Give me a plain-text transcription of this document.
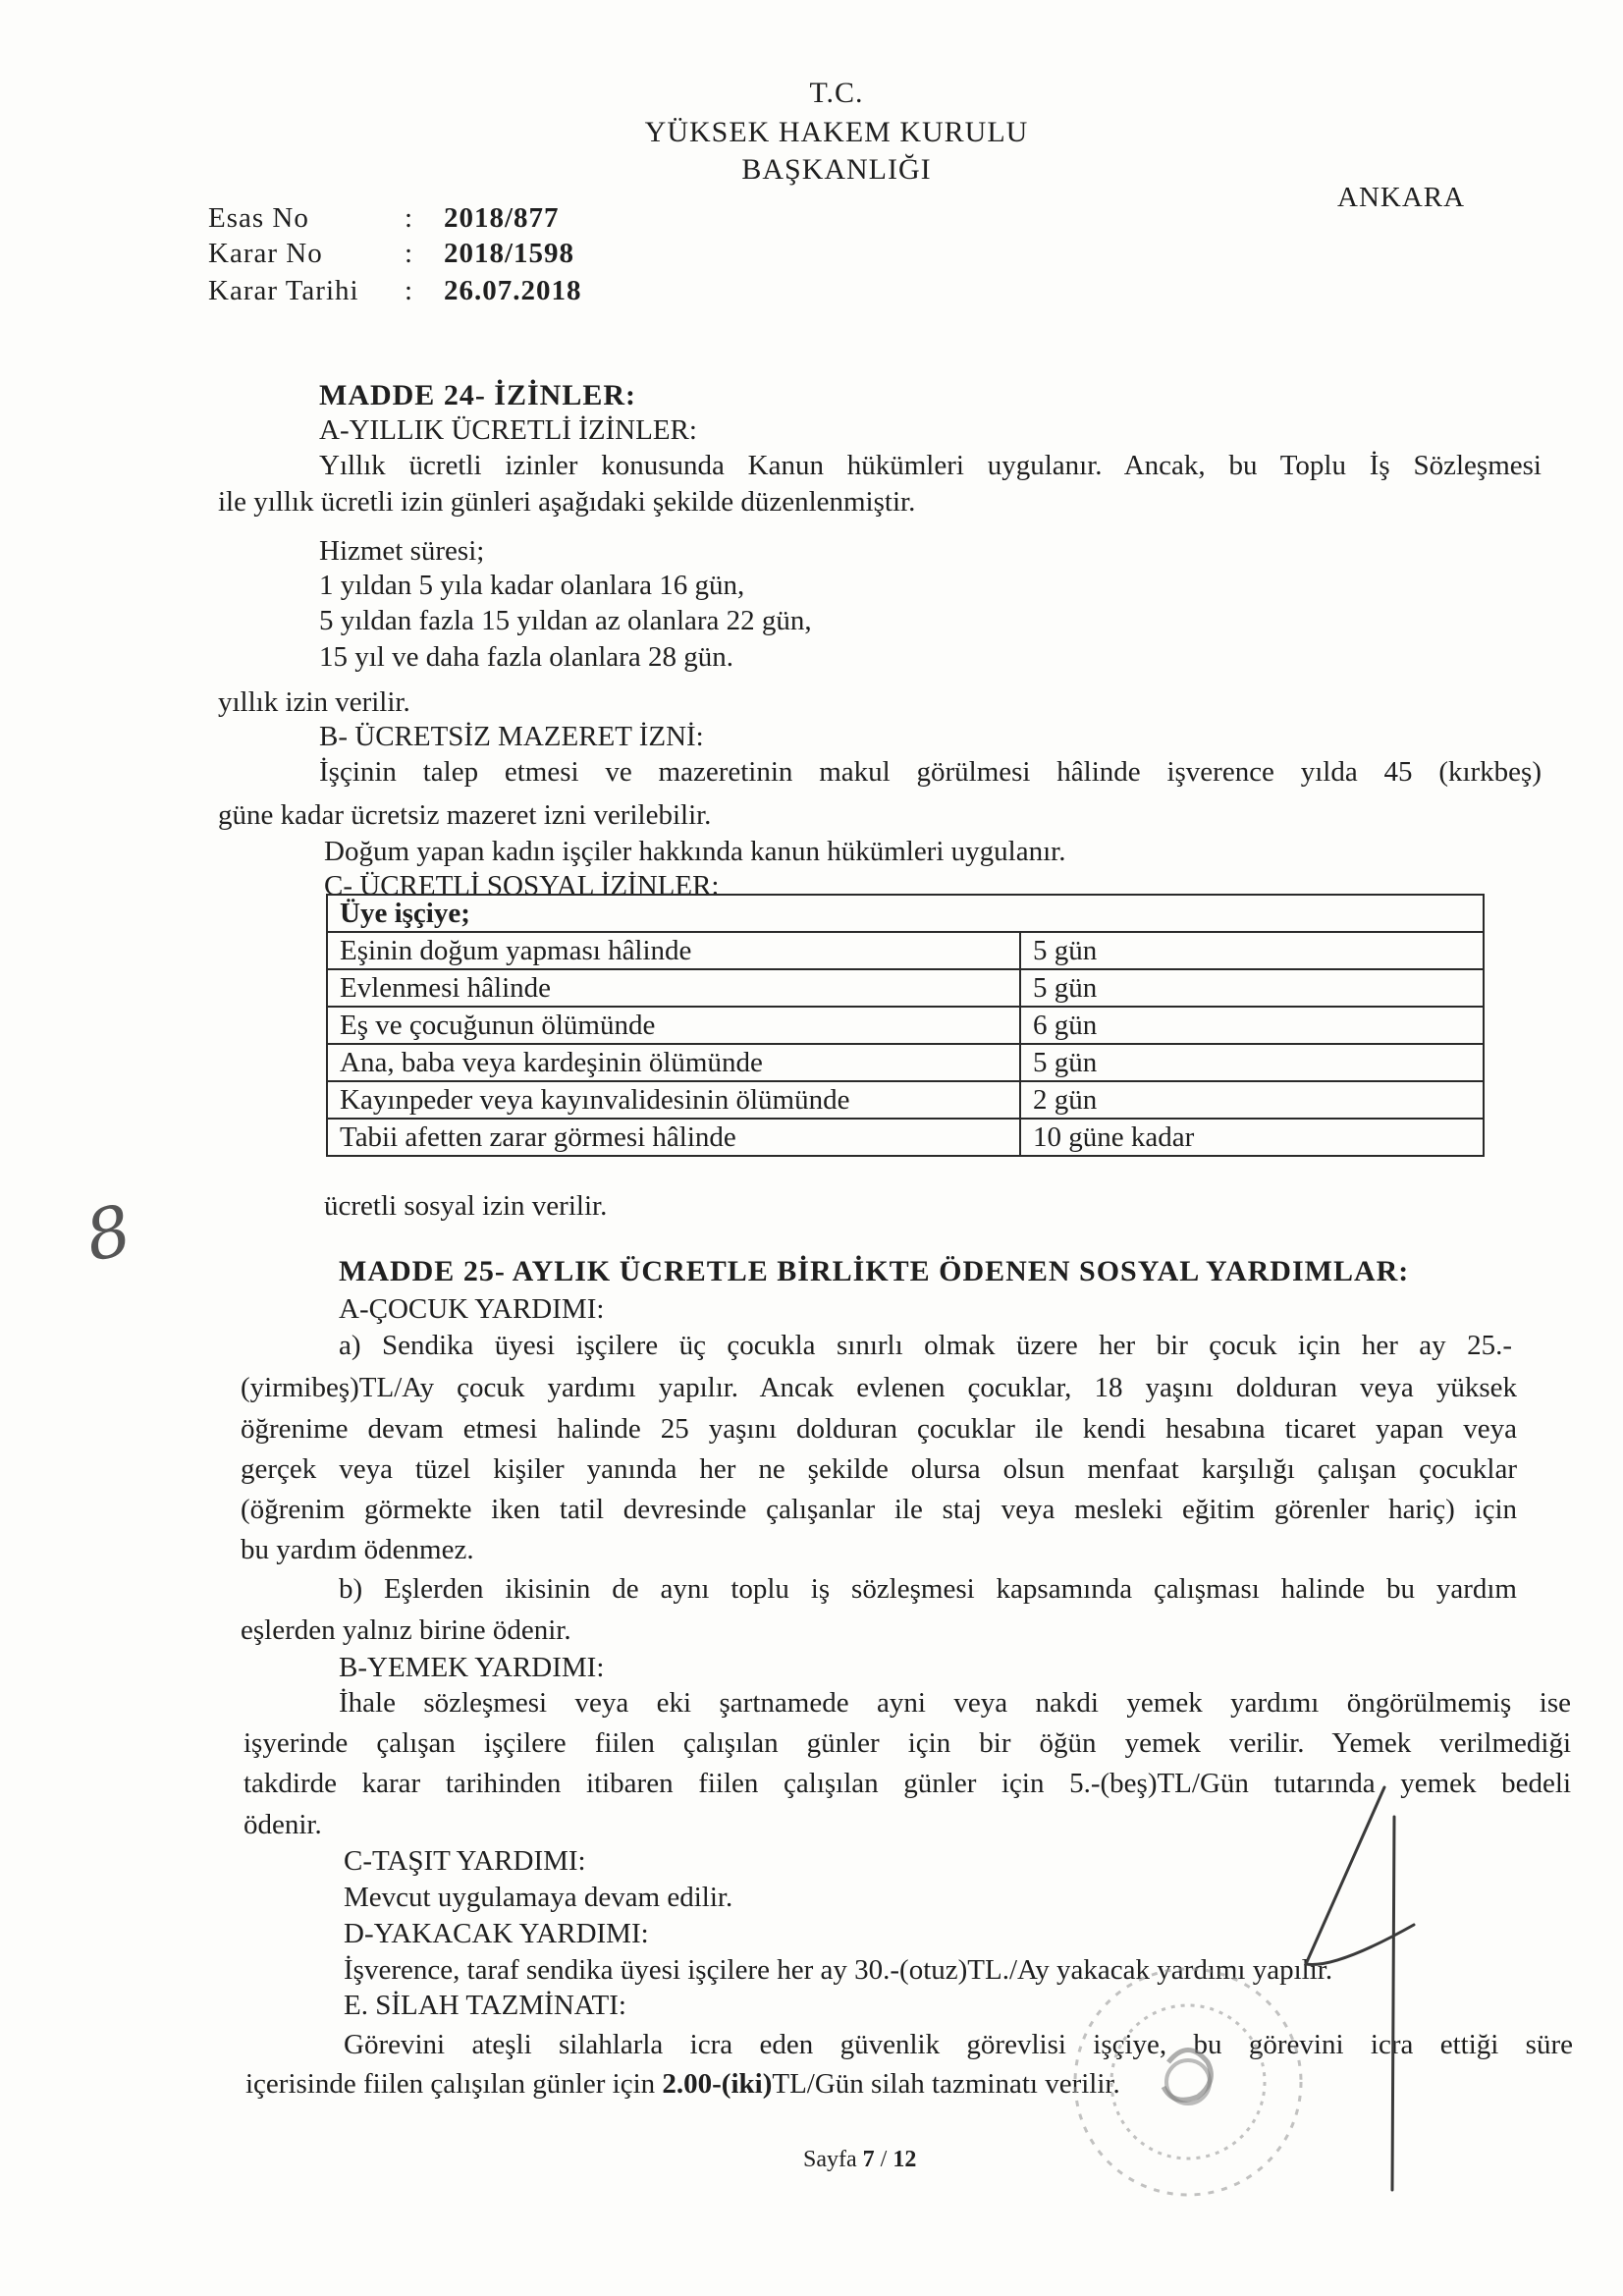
T.C.
YÜKSEK HAKEM KURULU
BAŞKANLIĞI
ANKARA
Esas No	: 2018/877
Karar No	: 2018/1598
Karar Tarihi : 26.07.2018
MADDE 24- İZİNLER:
A-YILLIK ÜCRETLİ İZİNLER:
Yıllık ücretli izinler konusunda Kanun hükümleri uygulanır. Ancak, bu Toplu İş Sözleşmesi
ile yıllık ücretli izin günleri aşağıdaki şekilde düzenlenmiştir.
Hizmet süresi;
1 yıldan 5 yıla kadar olanlara 16 gün,
5 yıldan fazla 15 yıldan az olanlara 22 gün,
15 yıl ve daha fazla olanlara 28 gün.
yıllık izin verilir.
B- ÜCRETSİZ MAZERET İZNİ:
İşçinin talep etmesi ve mazeretinin makul görülmesi hâlinde işverence yılda 45 (kırkbeş)
güne kadar ücretsiz mazeret izni verilebilir.
Doğum yapan kadın işçiler hakkında kanun hükümleri uygulanır.
C- ÜCRETLİ SOSYAL İZİNLER:
Üye işçiye;	
Eşinin doğum yapması hâlinde	5 gün
Evlenmesi hâlinde	5 gün
Eş ve çocuğunun ölümünde	6 gün
Ana, baba veya kardeşinin ölümünde	5 gün
Kayınpeder veya kayınvalidesinin ölümünde	2 gün
Tabii afetten zarar görmesi hâlinde	10 güne kadar
ücretli sosyal izin verilir.
8	MADDE 25- AYLIK ÜCRETLE BİRLİKTE ÖDENEN SOSYAL YARDIMLAR:
A-ÇOCUK YARDIMI:
a) Sendika üyesi işçilere üç çocukla sınırlı olmak üzere her bir çocuk için her ay 25.-
(yirmibeş)TL/Ay çocuk yardımı yapılır. Ancak evlenen çocuklar, 18 yaşını dolduran veya yüksek
öğrenime devam etmesi halinde 25 yaşını dolduran çocuklar ile kendi hesabına ticaret yapan veya
gerçek veya tüzel kişiler yanında her ne şekilde olursa olsun menfaat karşılığı çalışan çocuklar
(öğrenim görmekte iken tatil devresinde çalışanlar ile staj veya mesleki eğitim görenler hariç) için
bu yardım ödenmez.
b) Eşlerden ikisinin de aynı toplu iş sözleşmesi kapsamında çalışması halinde bu yardım
eşlerden yalnız birine ödenir.
B-YEMEK YARDIMI:
İhale sözleşmesi veya eki şartnamede ayni veya nakdi yemek yardımı öngörülmemiş ise
işyerinde çalışan işçilere fiilen çalışılan günler için bir öğün yemek verilir. Yemek verilmediği
takdirde karar tarihinden itibaren fiilen çalışılan günler için 5.-(beş)TL/Gün tutarında yemek bedeli
ödenir.
C-TAŞIT YARDIMI:
Mevcut uygulamaya devam edilir.
D-YAKACAK YARDIMI:
İşverence, taraf sendika üyesi işçilere her ay 30.-(otuz)TL./Ay yakacak yardımı yapılır.
E. SİLAH TAZMİNATI:
Görevini ateşli silahlarla icra eden güvenlik görevlisi işçiye, bu görevini icra ettiği süre
içerisinde fiilen çalışılan günler için 2.00-(iki)TL/Gün silah tazminatı verilir.
Sayfa 7 / 12
